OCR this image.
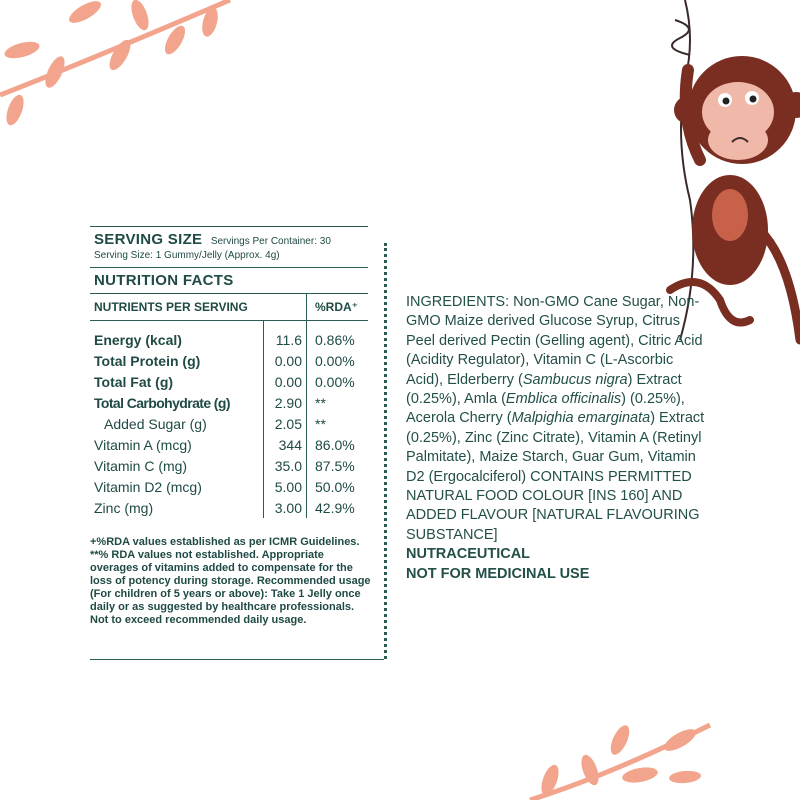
SERVING SIZE Servings Per Container: 30
Serving Size: 1 Gummy/Jelly (Approx. 4g)
NUTRITION FACTS
NUTRIENTS PER SERVING		%RDA⁺

Energy (kcal)	11.6	0.86%
Total Protein (g)	0.00	0.00%
Total Fat (g)	0.00	0.00%
Total Carbohydrate (g)	2.90	**
Added Sugar (g)	2.05	**
Vitamin A (mcg)	344	86.0%
Vitamin C (mg)	35.0	87.5%
Vitamin D2 (mcg)	5.00	50.0%
Zinc (mg)	3.00	42.9%
+%RDA values established as per ICMR Guidelines. **% RDA values not established. Appropriate overages of vitamins added to compensate for the loss of potency during storage. Recommended usage (For children of 5 years or above): Take 1 Jelly once daily or as suggested by healthcare professionals. Not to exceed recommended daily usage.
INGREDIENTS: Non-GMO Cane Sugar, Non-GMO Maize derived Glucose Syrup, Citrus Peel derived Pectin (Gelling agent), Citric Acid (Acidity Regulator), Vitamin C (L-Ascorbic Acid), Elderberry (Sambucus nigra) Extract (0.25%), Amla (Emblica officinalis) (0.25%), Acerola Cherry (Malpighia emarginata) Extract (0.25%), Zinc (Zinc Citrate), Vitamin A (Retinyl Palmitate), Maize Starch, Guar Gum, Vitamin D2 (Ergocalciferol) CONTAINS PERMITTED NATURAL FOOD COLOUR [INS 160] AND ADDED FLAVOUR [NATURAL FLAVOURING SUBSTANCE]
NUTRACEUTICAL
NOT FOR MEDICINAL USE
